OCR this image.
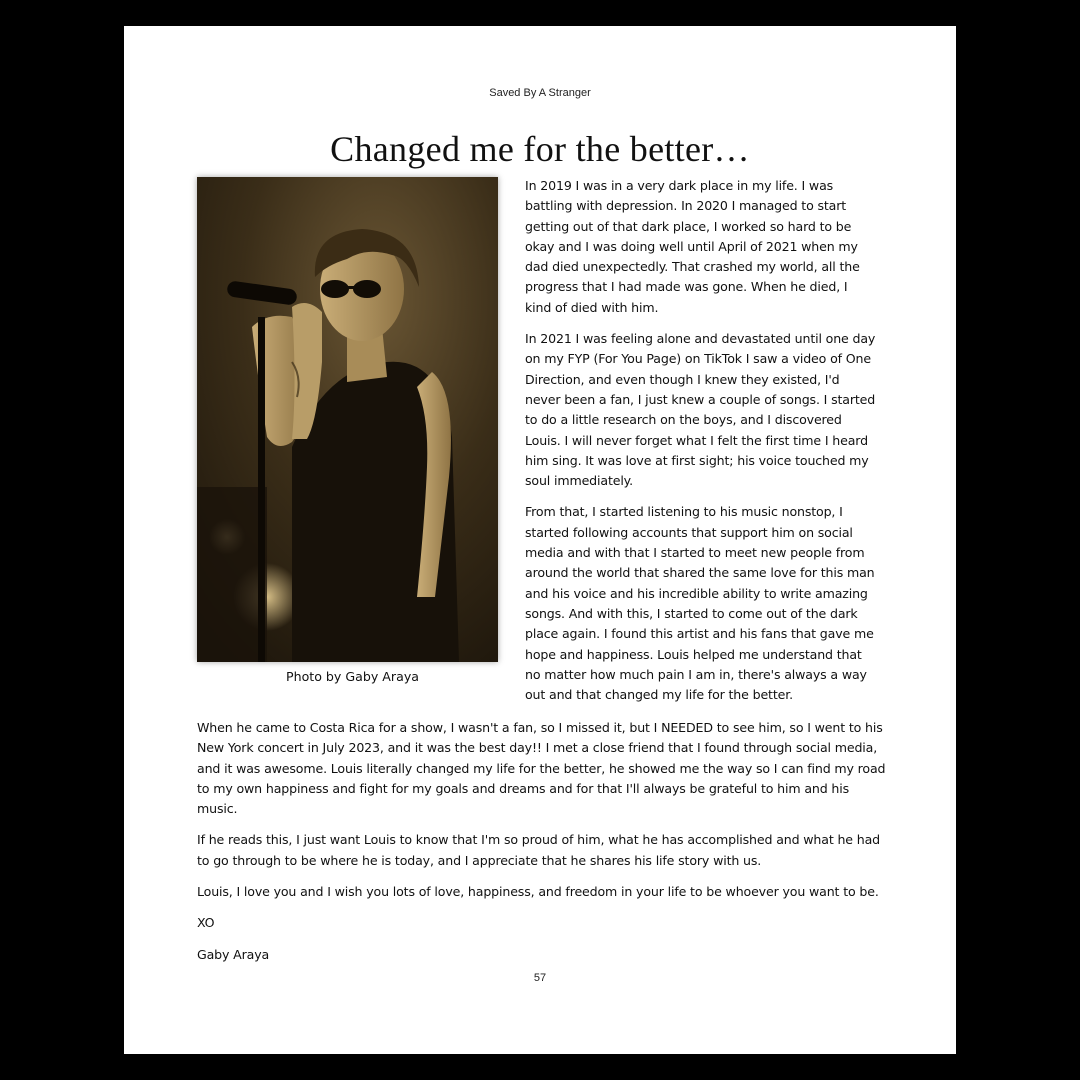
Saved By A Stranger
Changed me for the better…
Photo by Gaby Araya

In 2019 I was in a very dark place in my life. I was battling with depression. In 2020 I managed to start getting out of that dark place, I worked so hard to be okay and I was doing well until April of 2021 when my dad died unexpectedly. That crashed my world, all the progress that I had made was gone. When he died, I kind of died with him.

In 2021 I was feeling alone and devastated until one day on my FYP (For You Page) on TikTok I saw a video of One Direction, and even though I knew they existed, I'd never been a fan, I just knew a couple of songs. I started to do a little research on the boys, and I discovered Louis. I will never forget what I felt the first time I heard him sing. It was love at first sight; his voice touched my soul immediately.

From that, I started listening to his music nonstop, I started following accounts that support him on social media and with that I started to meet new people from around the world that shared the same love for this man and his voice and his incredible ability to write amazing songs. And with this, I started to come out of the dark place again. I found this artist and his fans that gave me hope and happiness. Louis helped me understand that no matter how much pain I am in, there's always a way out and that changed my life for the better.

When he came to Costa Rica for a show, I wasn't a fan, so I missed it, but I NEEDED to see him, so I went to his New York concert in July 2023, and it was the best day!! I met a close friend that I found through social media, and it was awesome. Louis literally changed my life for the better, he showed me the way so I can find my road to my own happiness and fight for my goals and dreams and for that I'll always be grateful to him and his music.

If he reads this, I just want Louis to know that I'm so proud of him, what he has accomplished and what he had to go through to be where he is today, and I appreciate that he shares his life story with us.

Louis, I love you and I wish you lots of love, happiness, and freedom in your life to be whoever you want to be.

XO

Gaby Araya

57
